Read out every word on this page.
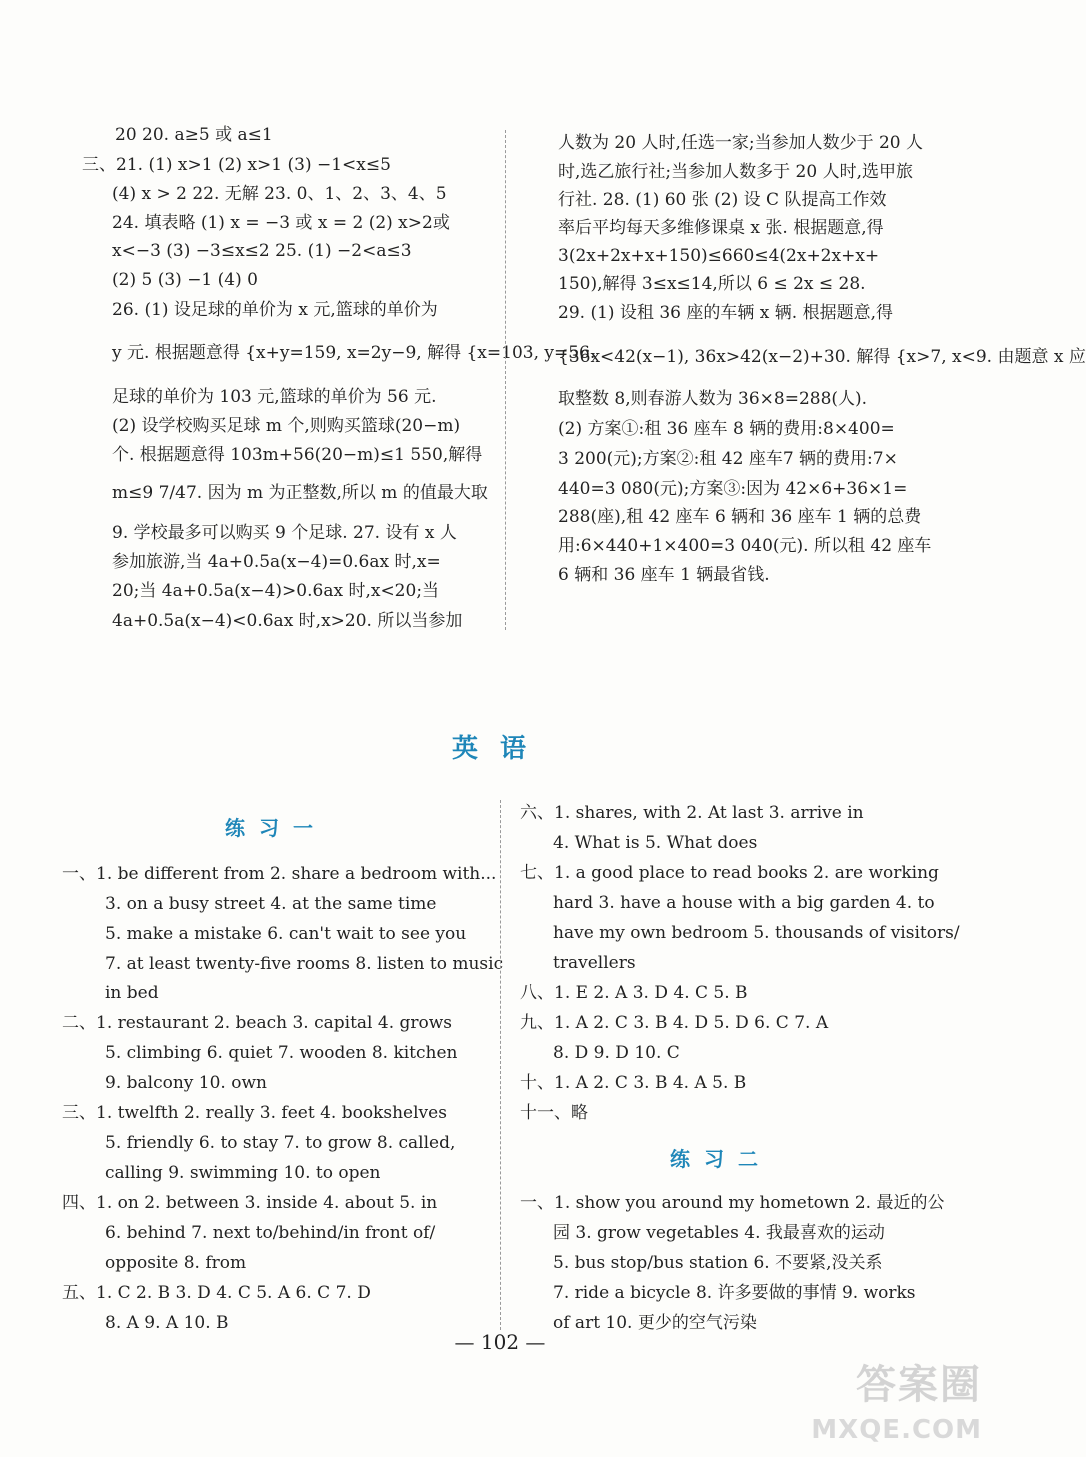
20 20. a≥5 或 a≤1
三、21. (1) x>1 (2) x>1 (3) −1<x≤5
(4) x > 2 22. 无解 23. 0、1、2、3、4、5
24. 填表略 (1) x = −3 或 x = 2 (2) x>2或
x<−3 (3) −3≤x≤2 25. (1) −2<a≤3
(2) 5 (3) −1 (4) 0
26. (1) 设足球的单价为 x 元,篮球的单价为
y 元. 根据题意得 {x+y=159, x=2y−9, 解得 {x=103, y=56.
足球的单价为 103 元,篮球的单价为 56 元.
(2) 设学校购买足球 m 个,则购买篮球(20−m)
个. 根据题意得 103m+56(20−m)≤1 550,解得
m≤9 7/47. 因为 m 为正整数,所以 m 的值最大取
9. 学校最多可以购买 9 个足球. 27. 设有 x 人
参加旅游,当 4a+0.5a(x−4)=0.6ax 时,x=
20;当 4a+0.5a(x−4)>0.6ax 时,x<20;当
4a+0.5a(x−4)<0.6ax 时,x>20. 所以当参加
人数为 20 人时,任选一家;当参加人数少于 20 人
时,选乙旅行社;当参加人数多于 20 人时,选甲旅
行社. 28. (1) 60 张 (2) 设 C 队提高工作效
率后平均每天多维修课桌 x 张. 根据题意,得
3(2x+2x+x+150)≤660≤4(2x+2x+x+
150),解得 3≤x≤14,所以 6 ≤ 2x ≤ 28.
29. (1) 设租 36 座的车辆 x 辆. 根据题意,得
{36x<42(x−1), 36x>42(x−2)+30. 解得 {x>7, x<9. 由题意 x 应
取整数 8,则春游人数为 36×8=288(人).
(2) 方案①:租 36 座车 8 辆的费用:8×400=
3 200(元);方案②:租 42 座车7 辆的费用:7×
440=3 080(元);方案③:因为 42×6+36×1=
288(座),租 42 座车 6 辆和 36 座车 1 辆的总费
用:6×440+1×400=3 040(元). 所以租 42 座车
6 辆和 36 座车 1 辆最省钱.
英语
练习一
一、1. be different from 2. share a bedroom with...
3. on a busy street 4. at the same time
5. make a mistake 6. can't wait to see you
7. at least twenty-five rooms 8. listen to music
in bed
二、1. restaurant 2. beach 3. capital 4. grows
5. climbing 6. quiet 7. wooden 8. kitchen
9. balcony 10. own
三、1. twelfth 2. really 3. feet 4. bookshelves
5. friendly 6. to stay 7. to grow 8. called,
calling 9. swimming 10. to open
四、1. on 2. between 3. inside 4. about 5. in
6. behind 7. next to/behind/in front of/
opposite 8. from
五、1. C 2. B 3. D 4. C 5. A 6. C 7. D
8. A 9. A 10. B
六、1. shares, with 2. At last 3. arrive in
4. What is 5. What does
七、1. a good place to read books 2. are working
hard 3. have a house with a big garden 4. to
have my own bedroom 5. thousands of visitors/
travellers
八、1. E 2. A 3. D 4. C 5. B
九、1. A 2. C 3. B 4. D 5. D 6. C 7. A
8. D 9. D 10. C
十、1. A 2. C 3. B 4. A 5. B
十一、略
练习二
一、1. show you around my hometown 2. 最近的公
园 3. grow vegetables 4. 我最喜欢的运动
5. bus stop/bus station 6. 不要紧,没关系
7. ride a bicycle 8. 许多要做的事情 9. works
of art 10. 更少的空气污染
— 102 —
答案圈
MXQE.COM
